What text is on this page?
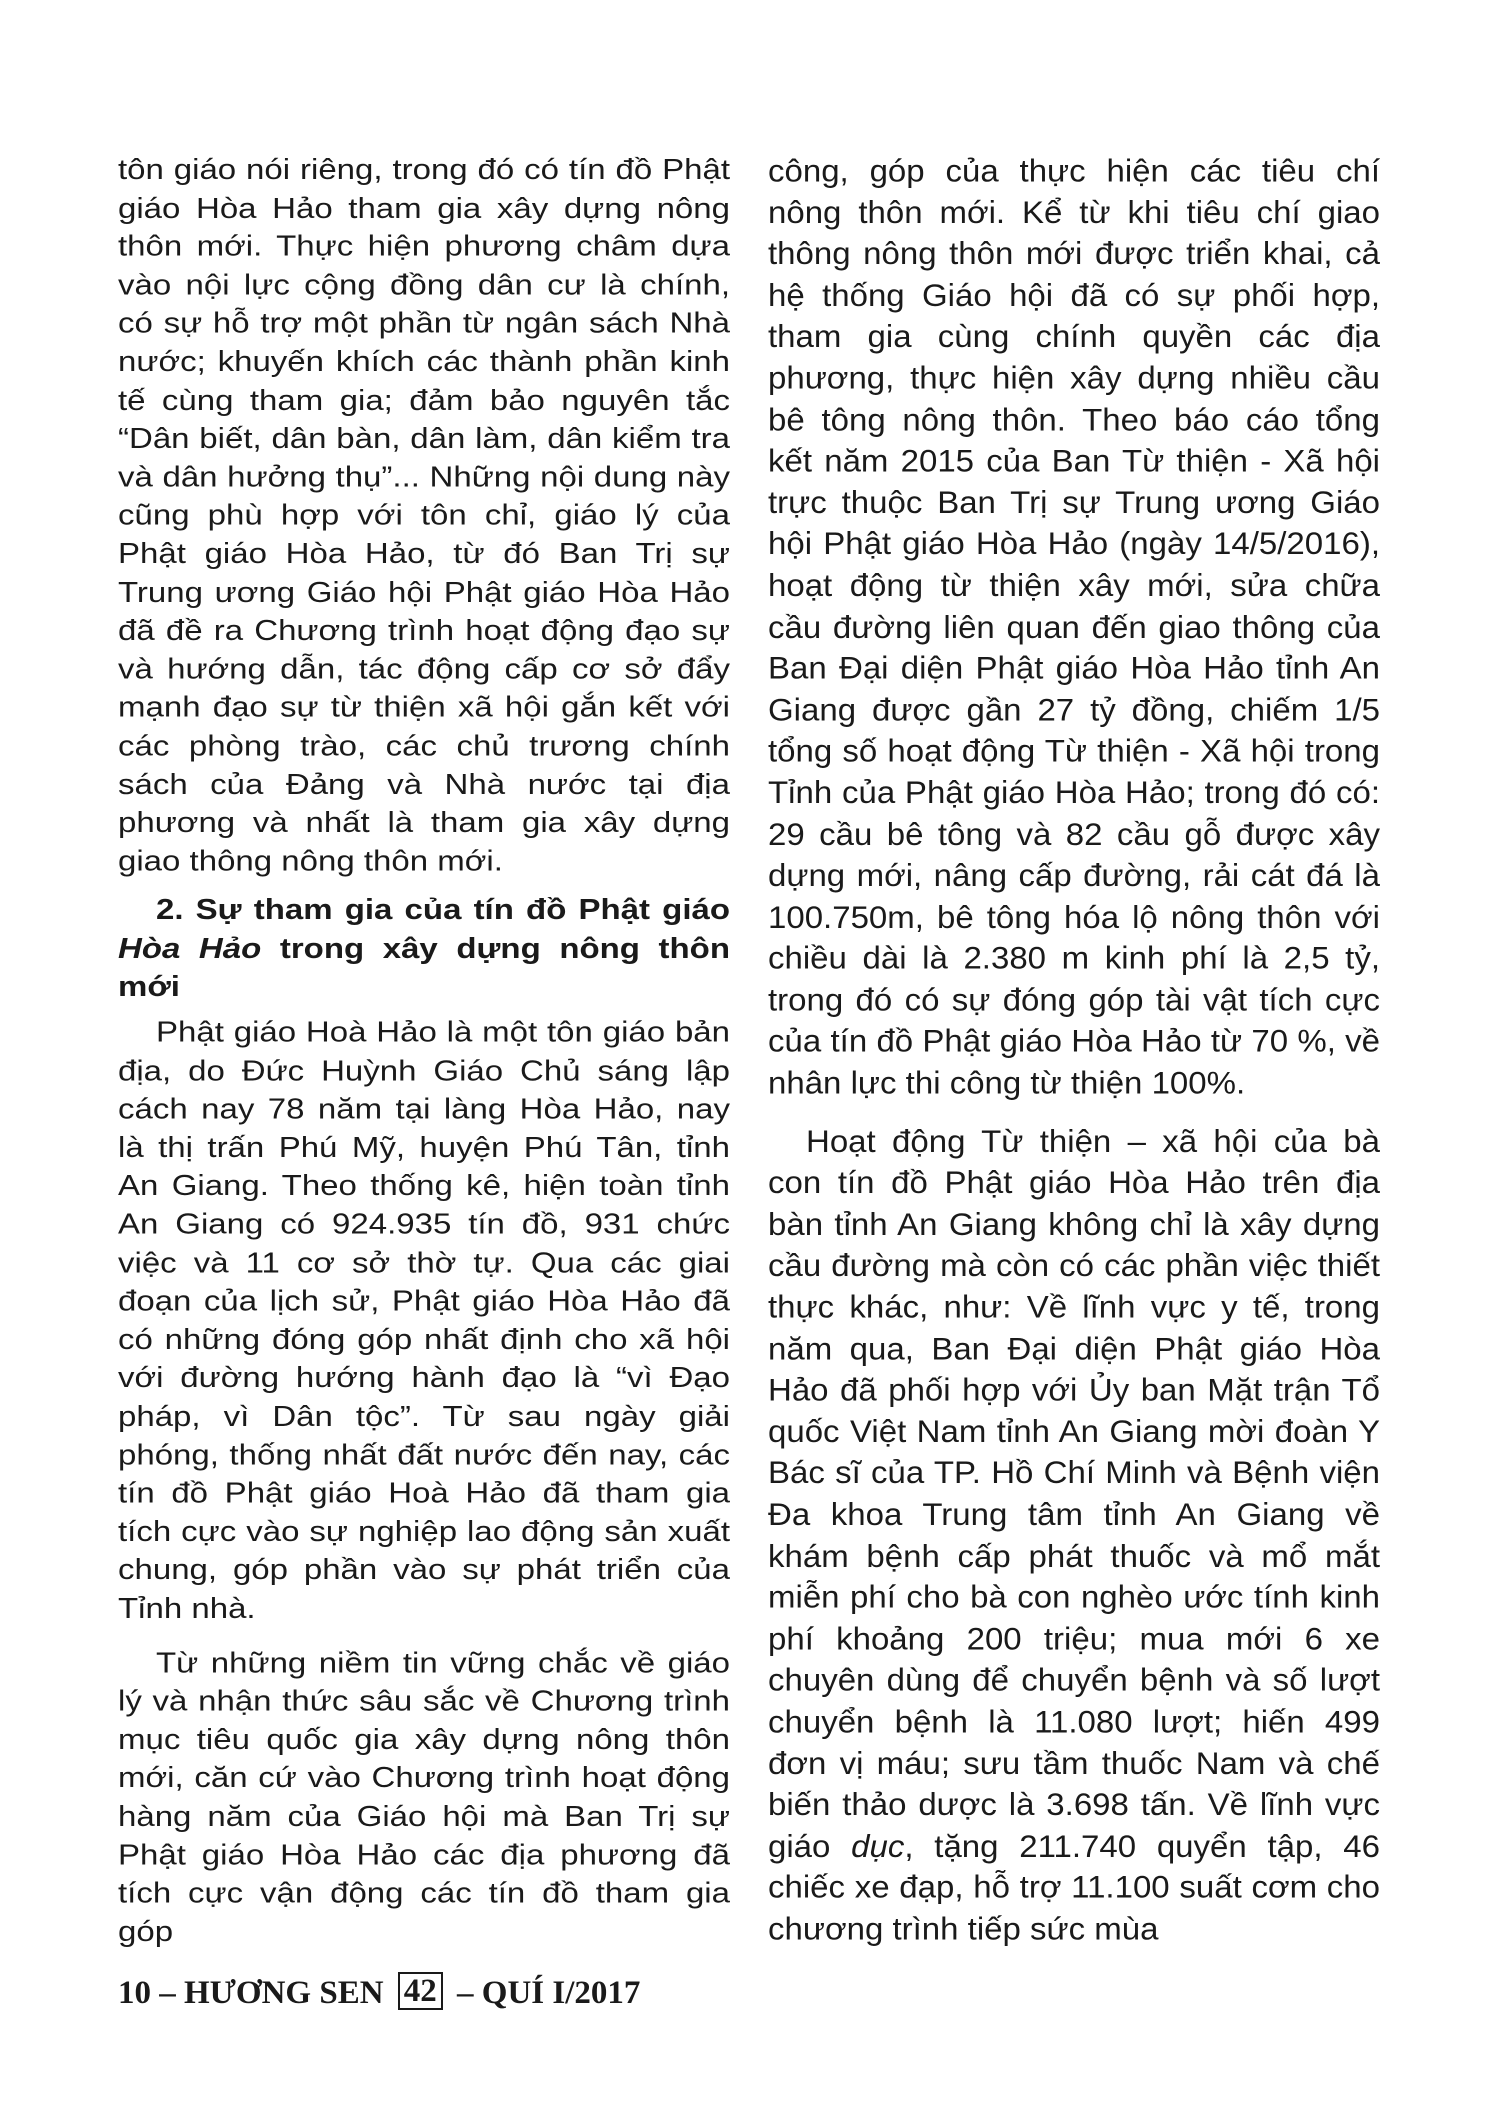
tôn giáo nói riêng, trong đó có tín đồ Phật giáo Hòa Hảo tham gia xây dựng nông thôn mới. Thực hiện phương châm dựa vào nội lực cộng đồng dân cư là chính, có sự hỗ trợ một phần từ ngân sách Nhà nước; khuyến khích các thành phần kinh tế cùng tham gia; đảm bảo nguyên tắc “Dân biết, dân bàn, dân làm, dân kiểm tra và dân hưởng thụ”... Những nội dung này cũng phù hợp với tôn chỉ, giáo lý của Phật giáo Hòa Hảo, từ đó Ban Trị sự Trung ương Giáo hội Phật giáo Hòa Hảo đã đề ra Chương trình hoạt động đạo sự và hướng dẫn, tác động cấp cơ sở đẩy mạnh đạo sự từ thiện xã hội gắn kết với các phòng trào, các chủ trương chính sách của Đảng và Nhà nước tại địa phương và nhất là tham gia xây dựng giao thông nông thôn mới.

2. Sự tham gia của tín đồ Phật giáo Hòa Hảo trong xây dựng nông thôn mới

Phật giáo Hoà Hảo là một tôn giáo bản địa, do Đức Huỳnh Giáo Chủ sáng lập cách nay 78 năm tại làng Hòa Hảo, nay là thị trấn Phú Mỹ, huyện Phú Tân, tỉnh An Giang. Theo thống kê, hiện toàn tỉnh An Giang có 924.935 tín đồ, 931 chức việc và 11 cơ sở thờ tự. Qua các giai đoạn của lịch sử, Phật giáo Hòa Hảo đã có những đóng góp nhất định cho xã hội với đường hướng hành đạo là “vì Đạo pháp, vì Dân tộc”. Từ sau ngày giải phóng, thống nhất đất nước đến nay, các tín đồ Phật giáo Hoà Hảo đã tham gia tích cực vào sự nghiệp lao động sản xuất chung, góp phần vào sự phát triển của Tỉnh nhà.

Từ những niềm tin vững chắc về giáo lý và nhận thức sâu sắc về Chương trình mục tiêu quốc gia xây dựng nông thôn mới, căn cứ vào Chương trình hoạt động hàng năm của Giáo hội mà Ban Trị sự Phật giáo Hòa Hảo các địa phương đã tích cực vận động các tín đồ tham gia góp

công, góp của thực hiện các tiêu chí nông thôn mới. Kể từ khi tiêu chí giao thông nông thôn mới được triển khai, cả hệ thống Giáo hội đã có sự phối hợp, tham gia cùng chính quyền các địa phương, thực hiện xây dựng nhiều cầu bê tông nông thôn. Theo báo cáo tổng kết năm 2015 của Ban Từ thiện - Xã hội trực thuộc Ban Trị sự Trung ương Giáo hội Phật giáo Hòa Hảo (ngày 14/5/2016), hoạt động từ thiện xây mới, sửa chữa cầu đường liên quan đến giao thông của Ban Đại diện Phật giáo Hòa Hảo tỉnh An Giang được gần 27 tỷ đồng, chiếm 1/5 tổng số hoạt động Từ thiện - Xã hội trong Tỉnh của Phật giáo Hòa Hảo; trong đó có: 29 cầu bê tông và 82 cầu gỗ được xây dựng mới, nâng cấp đường, rải cát đá là 100.750m, bê tông hóa lộ nông thôn với chiều dài là 2.380 m kinh phí là 2,5 tỷ, trong đó có sự đóng góp tài vật tích cực của tín đồ Phật giáo Hòa Hảo từ 70 %, về nhân lực thi công từ thiện 100%.

Hoạt động Từ thiện – xã hội của bà con tín đồ Phật giáo Hòa Hảo trên địa bàn tỉnh An Giang không chỉ là xây dựng cầu đường mà còn có các phần việc thiết thực khác, như: Về lĩnh vực y tế, trong năm qua, Ban Đại diện Phật giáo Hòa Hảo đã phối hợp với Ủy ban Mặt trận Tổ quốc Việt Nam tỉnh An Giang mời đoàn Y Bác sĩ của TP. Hồ Chí Minh và Bệnh viện Đa khoa Trung tâm tỉnh An Giang về khám bệnh cấp phát thuốc và mổ mắt miễn phí cho bà con nghèo ước tính kinh phí khoảng 200 triệu; mua mới 6 xe chuyên dùng để chuyển bệnh và số lượt chuyển bệnh là 11.080 lượt; hiến 499 đơn vị máu; sưu tầm thuốc Nam và chế biến thảo dược là 3.698 tấn. Về lĩnh vực giáo dục, tặng 211.740 quyển tập, 46 chiếc xe đạp, hỗ trợ 11.100 suất cơm cho chương trình tiếp sức mùa

10 – HƯƠNG SEN 42 – QUÍ I/2017
